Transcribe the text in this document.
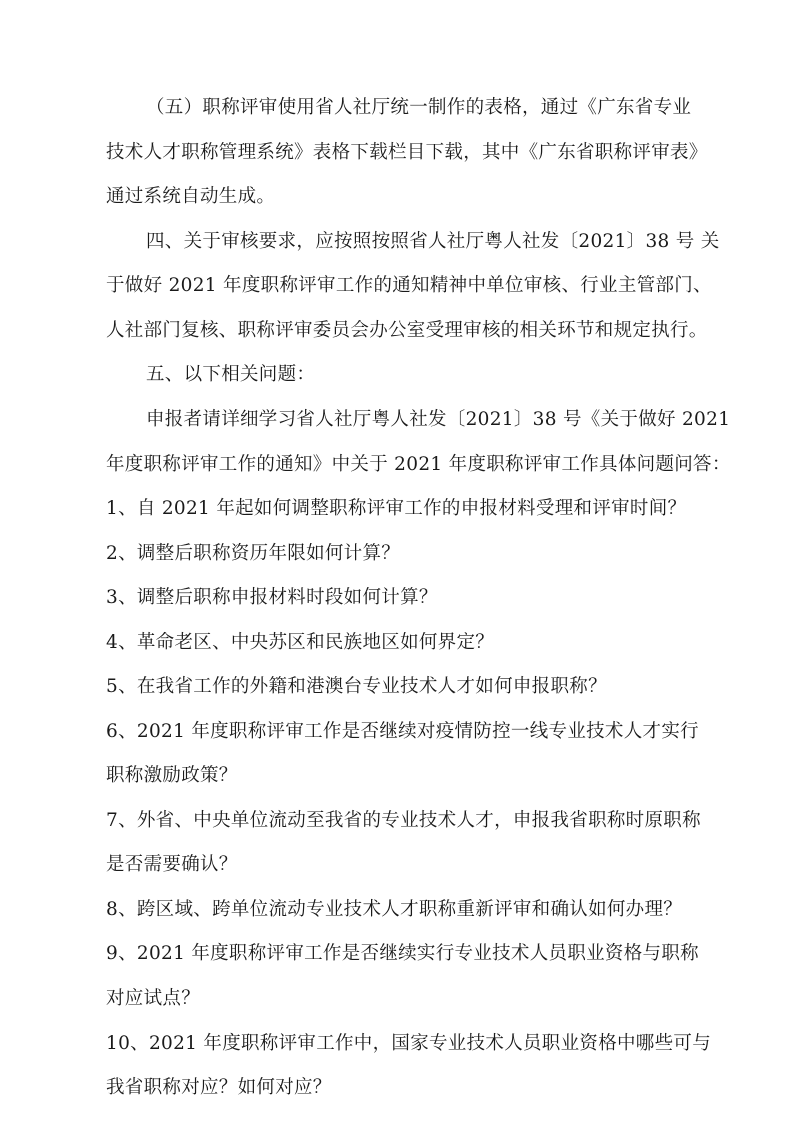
（五）职称评审使用省人社厅统一制作的表格，通过《广东省专业
技术人才职称管理系统》表格下载栏目下载，其中《广东省职称评审表》
通过系统自动生成。
四、关于审核要求，应按照按照省人社厅粤人社发〔2021〕38 号 关
于做好 2021 年度职称评审工作的通知精神中单位审核、行业主管部门、
人社部门复核、职称评审委员会办公室受理审核的相关环节和规定执行。
五、以下相关问题：
申报者请详细学习省人社厅粤人社发〔2021〕38 号《关于做好 2021
年度职称评审工作的通知》中关于 2021 年度职称评审工作具体问题问答：
1、自 2021 年起如何调整职称评审工作的申报材料受理和评审时间？
2、调整后职称资历年限如何计算？
3、调整后职称申报材料时段如何计算？
4、革命老区、中央苏区和民族地区如何界定？
5、在我省工作的外籍和港澳台专业技术人才如何申报职称？
6、2021 年度职称评审工作是否继续对疫情防控一线专业技术人才实行
职称激励政策？
7、外省、中央单位流动至我省的专业技术人才，申报我省职称时原职称
是否需要确认？
8、跨区域、跨单位流动专业技术人才职称重新评审和确认如何办理？
9、2021 年度职称评审工作是否继续实行专业技术人员职业资格与职称
对应试点？
10、2021 年度职称评审工作中，国家专业技术人员职业资格中哪些可与
我省职称对应？如何对应？
